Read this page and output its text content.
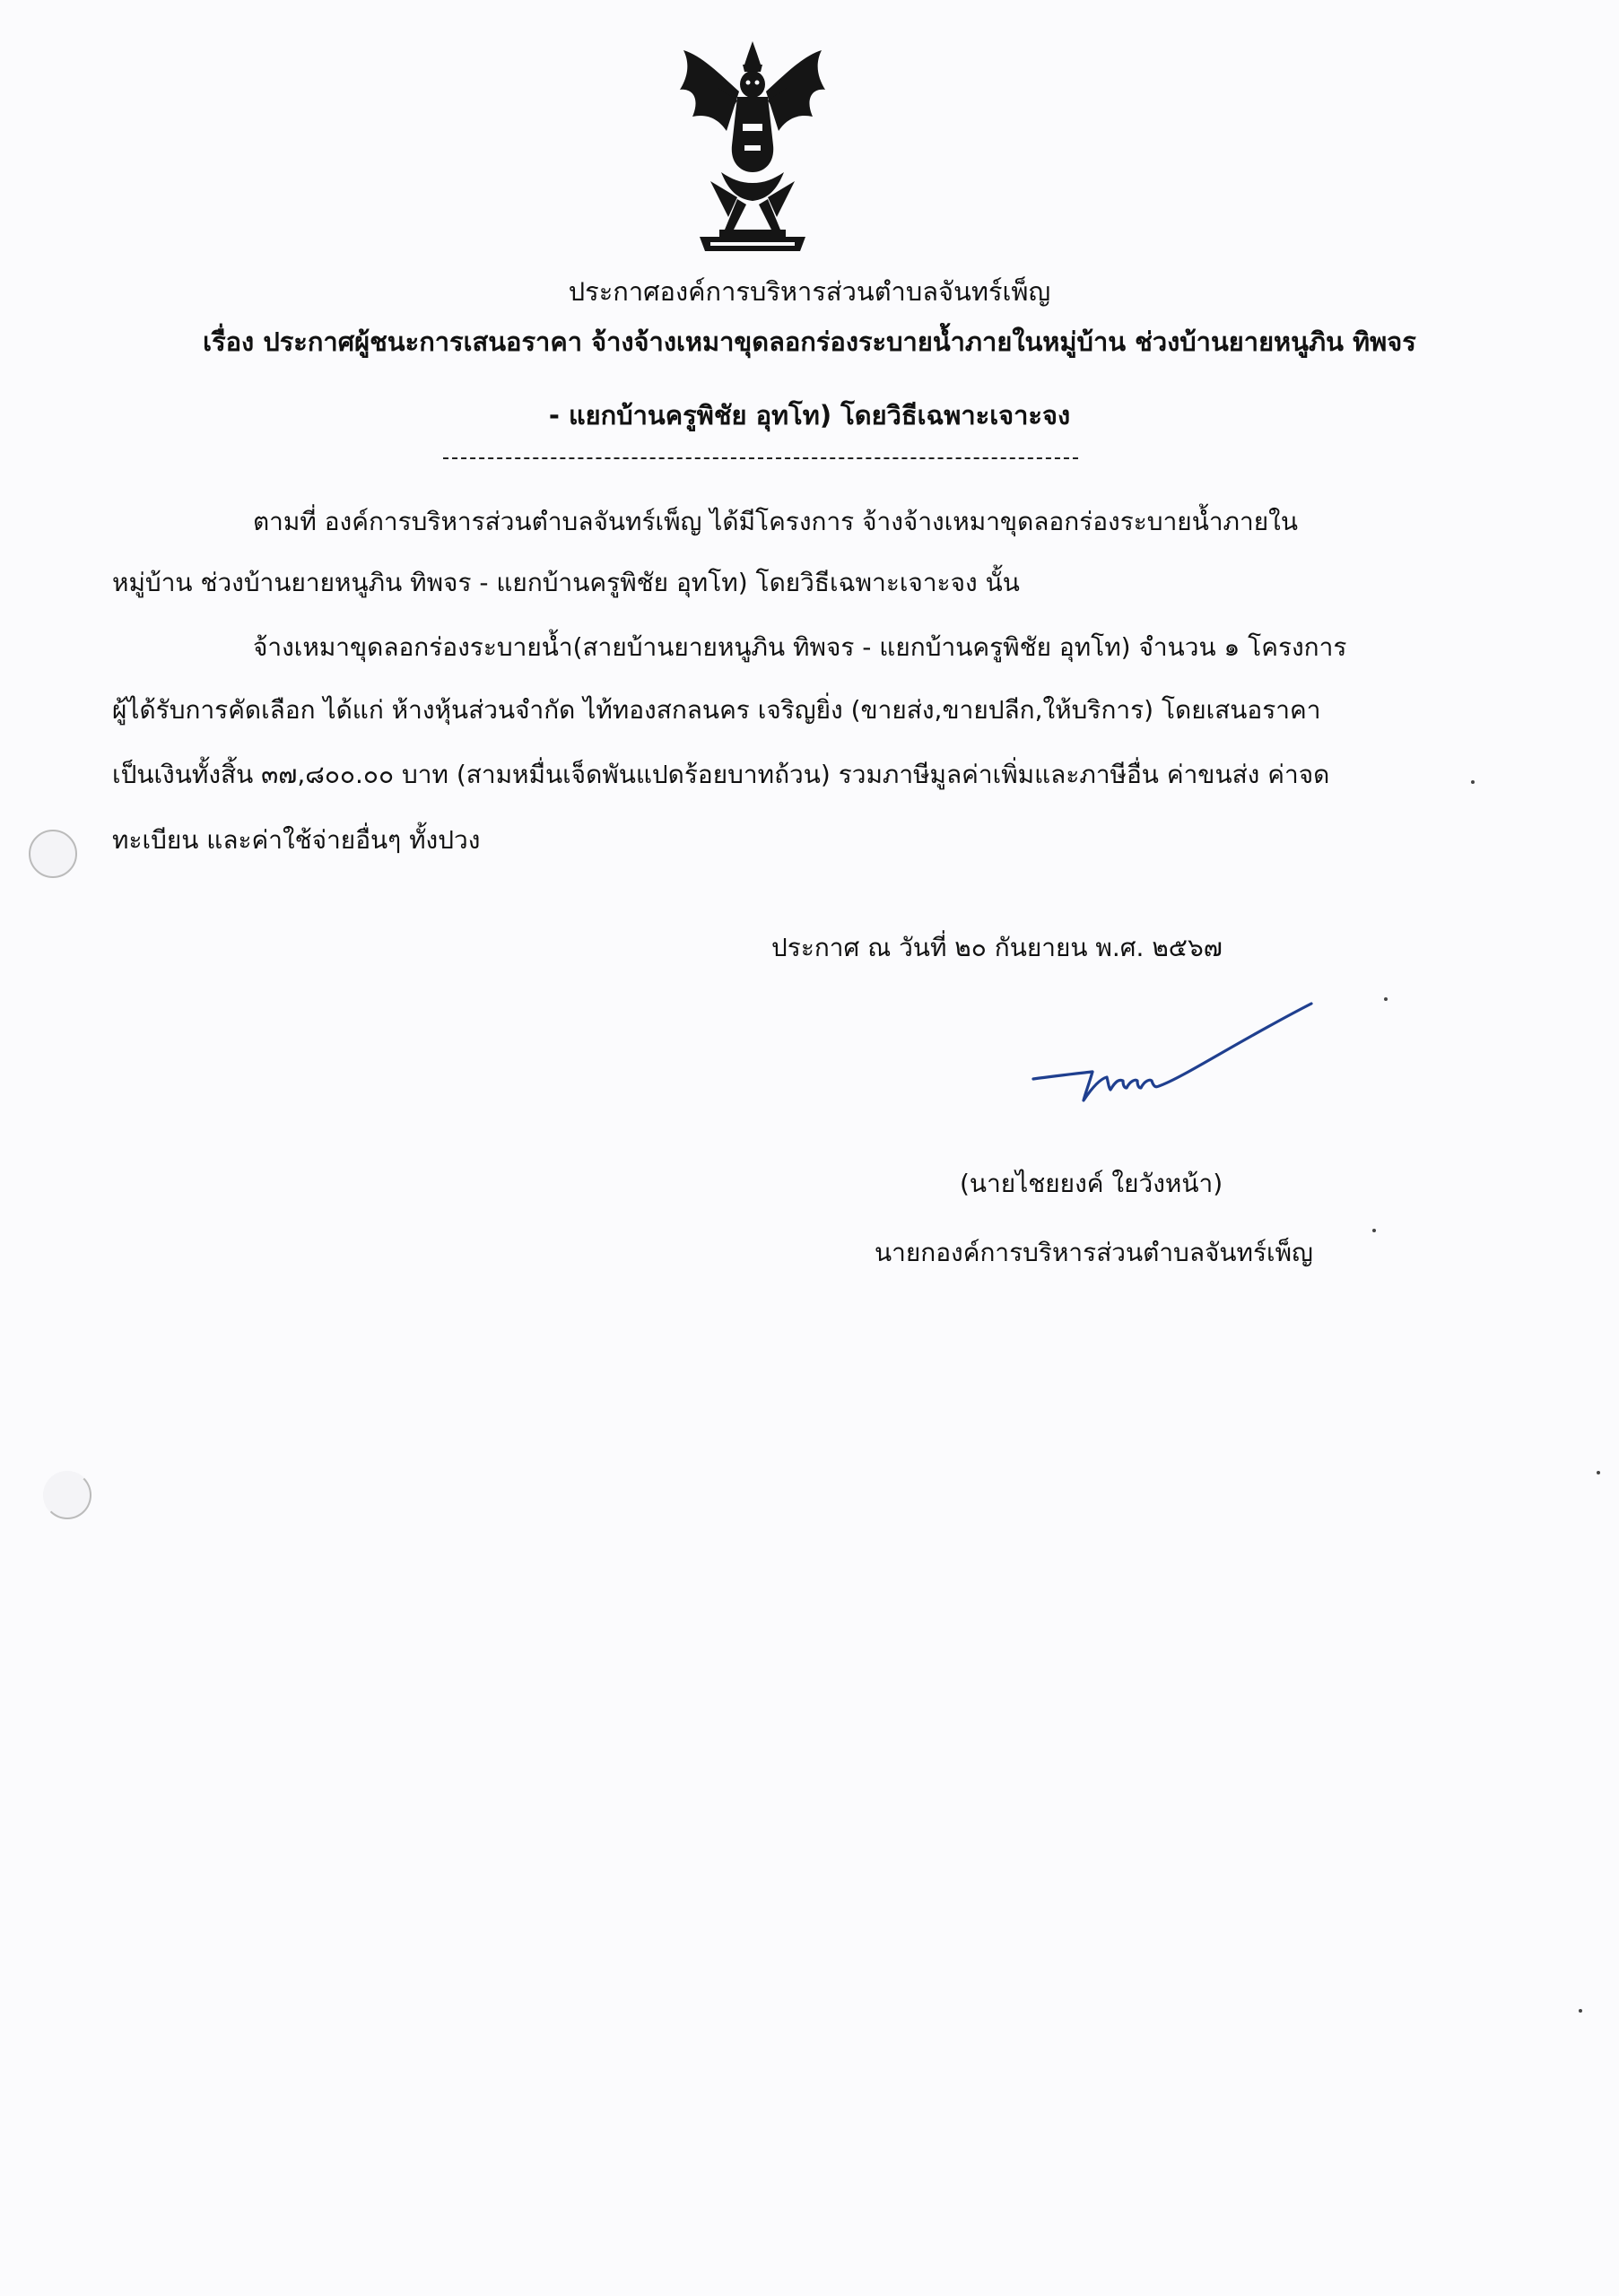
ประกาศองค์การบริหารส่วนตำบลจันทร์เพ็ญ
เรื่อง ประกาศผู้ชนะการเสนอราคา จ้างจ้างเหมาขุดลอกร่องระบายน้ำภายในหมู่บ้าน ช่วงบ้านยายหนูภิน ทิพจร
- แยกบ้านครูพิชัย อุทโท) โดยวิธีเฉพาะเจาะจง
ตามที่ องค์การบริหารส่วนตำบลจันทร์เพ็ญ ได้มีโครงการ จ้างจ้างเหมาขุดลอกร่องระบายน้ำภายใน
หมู่บ้าน ช่วงบ้านยายหนูภิน ทิพจร - แยกบ้านครูพิชัย อุทโท) โดยวิธีเฉพาะเจาะจง นั้น
จ้างเหมาขุดลอกร่องระบายน้ำ(สายบ้านยายหนูภิน ทิพจร - แยกบ้านครูพิชัย อุทโท) จำนวน ๑ โครงการ
ผู้ได้รับการคัดเลือก ได้แก่ ห้างหุ้นส่วนจำกัด ไท้ทองสกลนคร เจริญยิ่ง (ขายส่ง,ขายปลีก,ให้บริการ) โดยเสนอราคา
เป็นเงินทั้งสิ้น ๓๗,๘๐๐.๐๐ บาท (สามหมื่นเจ็ดพันแปดร้อยบาทถ้วน) รวมภาษีมูลค่าเพิ่มและภาษีอื่น ค่าขนส่ง ค่าจด
ทะเบียน และค่าใช้จ่ายอื่นๆ ทั้งปวง
ประกาศ ณ วันที่ ๒๐ กันยายน พ.ศ. ๒๕๖๗
(นายไชยยงค์ ใยวังหน้า)
นายกองค์การบริหารส่วนตำบลจันทร์เพ็ญ
